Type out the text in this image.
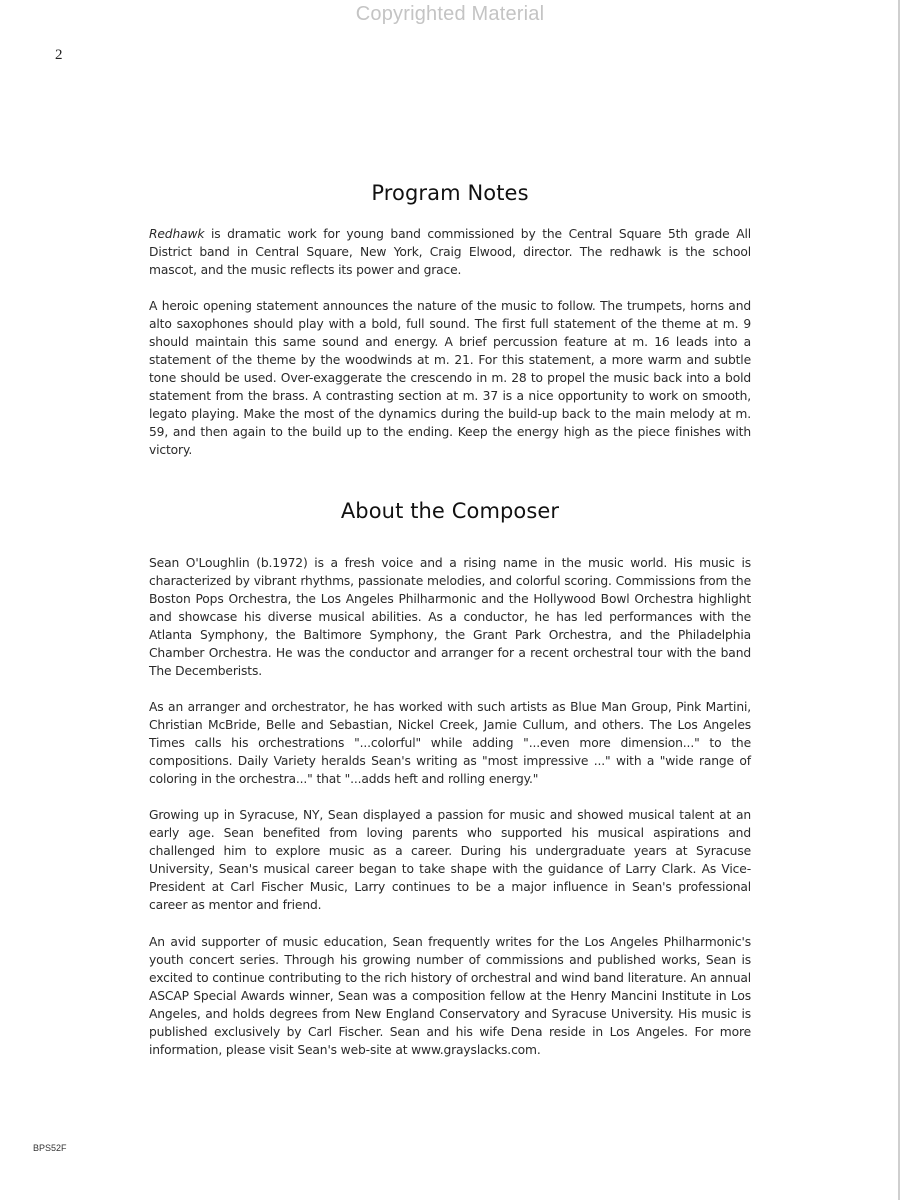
Copyrighted Material
2
Program Notes

Redhawk is dramatic work for young band commissioned by the Central Square 5th grade All District band in Central Square, New York, Craig Elwood, director. The redhawk is the school mascot, and the music reflects its power and grace.

A heroic opening statement announces the nature of the music to follow. The trumpets, horns and alto saxophones should play with a bold, full sound. The first full statement of the theme at m. 9 should maintain this same sound and energy. A brief percussion feature at m. 16 leads into a statement of the theme by the woodwinds at m. 21. For this statement, a more warm and subtle tone should be used. Over-exaggerate the crescendo in m. 28 to propel the music back into a bold statement from the brass. A contrasting section at m. 37 is a nice opportunity to work on smooth, legato playing. Make the most of the dynamics during the build-up back to the main melody at m. 59, and then again to the build up to the ending. Keep the energy high as the piece finishes with victory.

About the Composer

Sean O'Loughlin (b.1972) is a fresh voice and a rising name in the music world. His music is characterized by vibrant rhythms, passionate melodies, and colorful scoring. Commissions from the Boston Pops Orchestra, the Los Angeles Philharmonic and the Hollywood Bowl Orchestra highlight and showcase his diverse musical abilities. As a conductor, he has led performances with the Atlanta Symphony, the Baltimore Symphony, the Grant Park Orchestra, and the Philadelphia Chamber Orchestra. He was the conductor and arranger for a recent orchestral tour with the band The Decemberists.

As an arranger and orchestrator, he has worked with such artists as Blue Man Group, Pink Martini, Christian McBride, Belle and Sebastian, Nickel Creek, Jamie Cullum, and others. The Los Angeles Times calls his orchestrations "...colorful" while adding "...even more dimension..." to the compositions. Daily Variety heralds Sean's writing as "most impressive ..." with a "wide range of coloring in the orchestra..." that "...adds heft and rolling energy."

Growing up in Syracuse, NY, Sean displayed a passion for music and showed musical talent at an early age. Sean benefited from loving parents who supported his musical aspirations and challenged him to explore music as a career. During his undergraduate years at Syracuse University, Sean's musical career began to take shape with the guidance of Larry Clark. As Vice-President at Carl Fischer Music, Larry continues to be a major influence in Sean's professional career as mentor and friend.

An avid supporter of music education, Sean frequently writes for the Los Angeles Philharmonic's youth concert series. Through his growing number of commissions and published works, Sean is excited to continue contributing to the rich history of orchestral and wind band literature. An annual ASCAP Special Awards winner, Sean was a composition fellow at the Henry Mancini Institute in Los Angeles, and holds degrees from New England Conservatory and Syracuse University. His music is published exclusively by Carl Fischer. Sean and his wife Dena reside in Los Angeles. For more information, please visit Sean's web-site at www.grayslacks.com.

BPS52F
